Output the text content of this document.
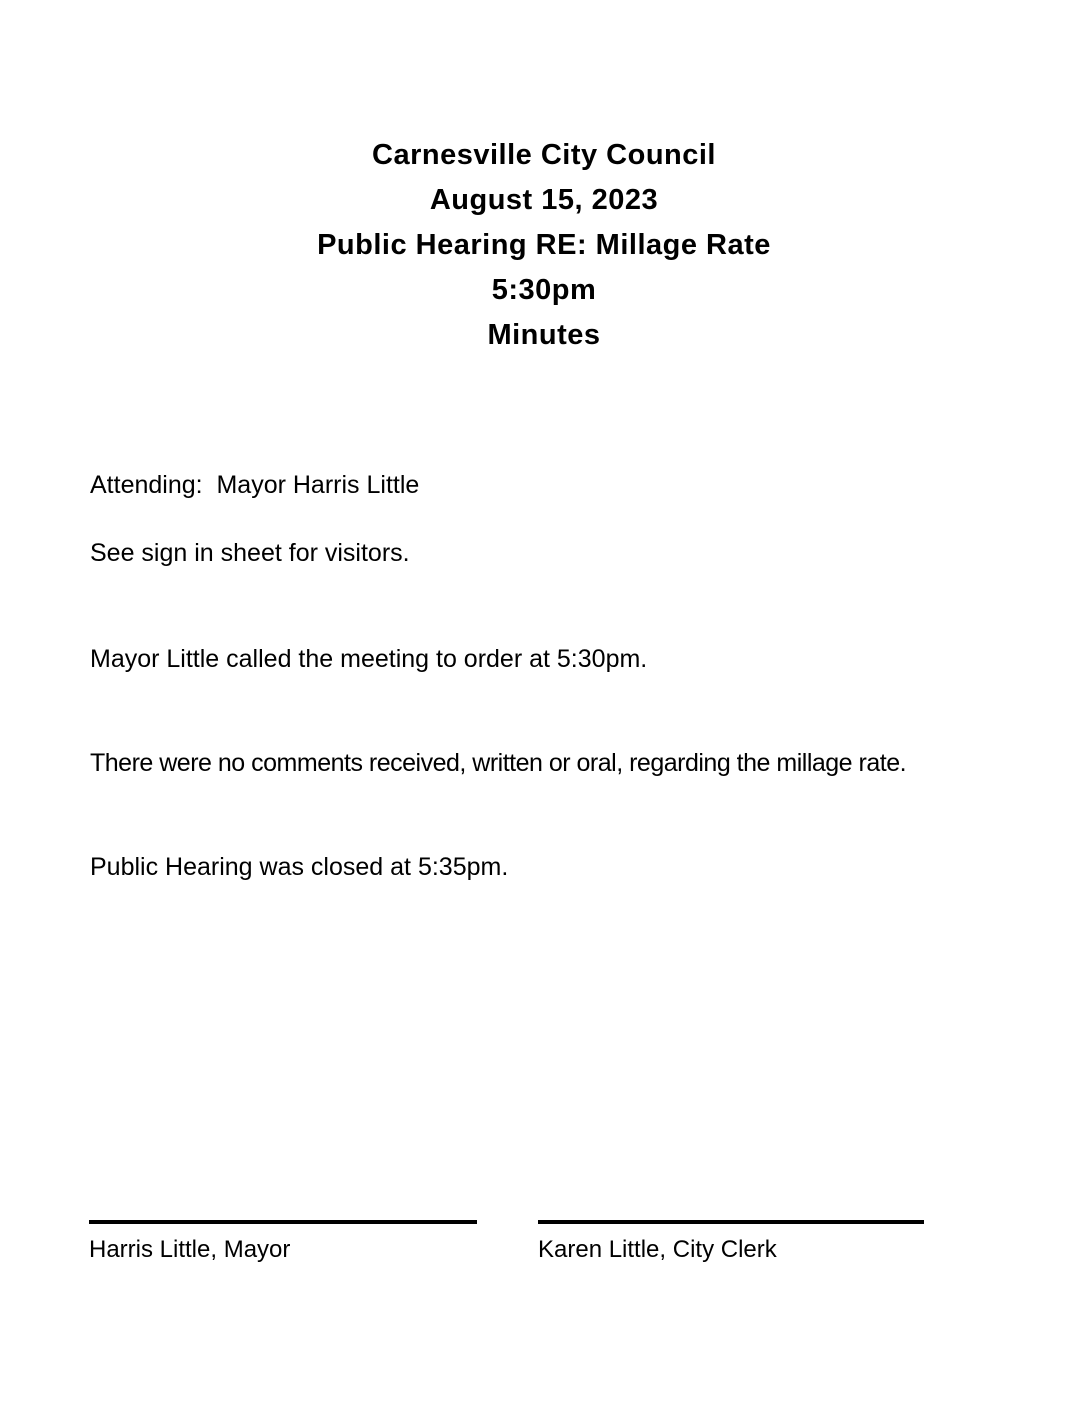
Carnesville City Council
August 15, 2023
Public Hearing RE: Millage Rate
5:30pm
Minutes

Attending:  Mayor Harris Little

See sign in sheet for visitors.

Mayor Little called the meeting to order at 5:30pm.

There were no comments received, written or oral, regarding the millage rate.

Public Hearing was closed at 5:35pm.

Harris Little, Mayor	Karen Little, City Clerk
